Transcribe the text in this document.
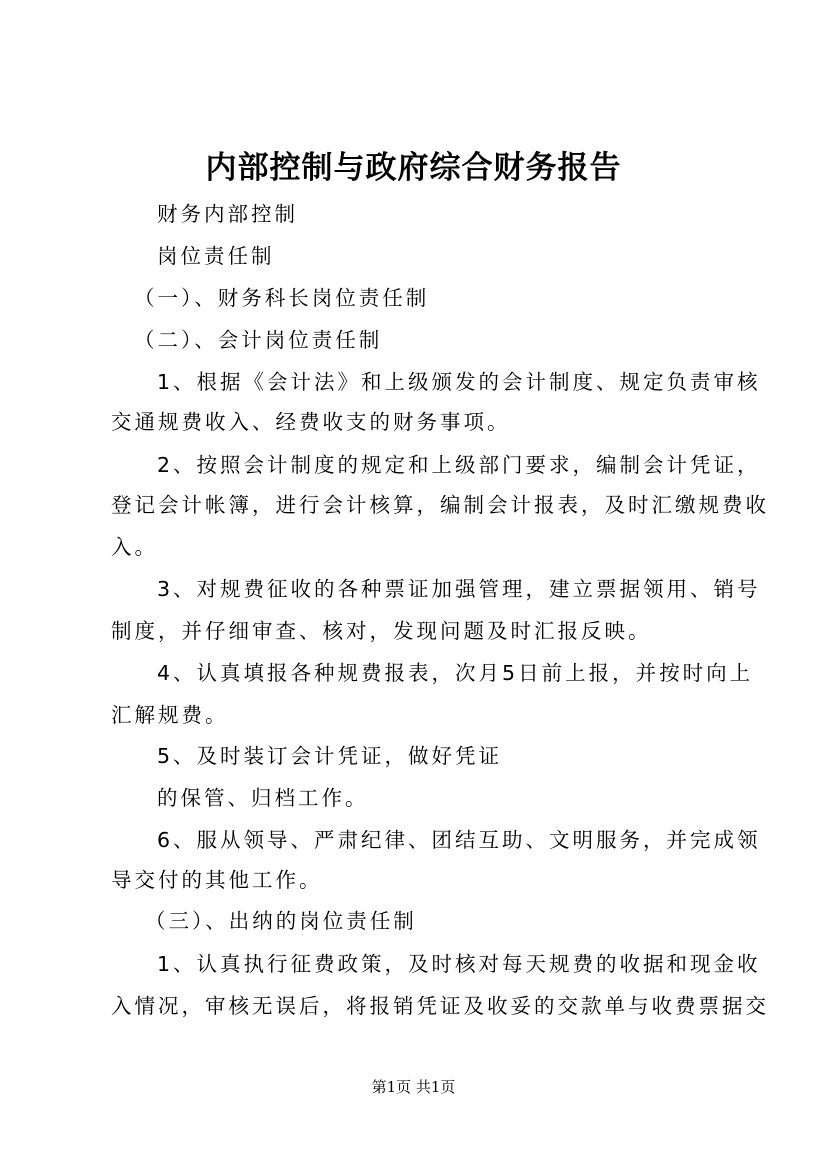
内部控制与政府综合财务报告
财务内部控制
岗位责任制
（一）、财务科长岗位责任制
（二）、会计岗位责任制
1、根据《会计法》和上级颁发的会计制度、规定负责审核
交通规费收入、经费收支的财务事项。
2、按照会计制度的规定和上级部门要求，编制会计凭证，
登记会计帐簿，进行会计核算，编制会计报表，及时汇缴规费收
入。
3、对规费征收的各种票证加强管理，建立票据领用、销号
制度，并仔细审查、核对，发现问题及时汇报反映。
4、认真填报各种规费报表，次月5日前上报，并按时向上
汇解规费。
5、及时装订会计凭证，做好凭证
的保管、归档工作。
6、服从领导、严肃纪律、团结互助、文明服务，并完成领
导交付的其他工作。
（三）、出纳的岗位责任制
1、认真执行征费政策，及时核对每天规费的收据和现金收
入情况，审核无误后，将报销凭证及收妥的交款单与收费票据交
第1页 共1页
